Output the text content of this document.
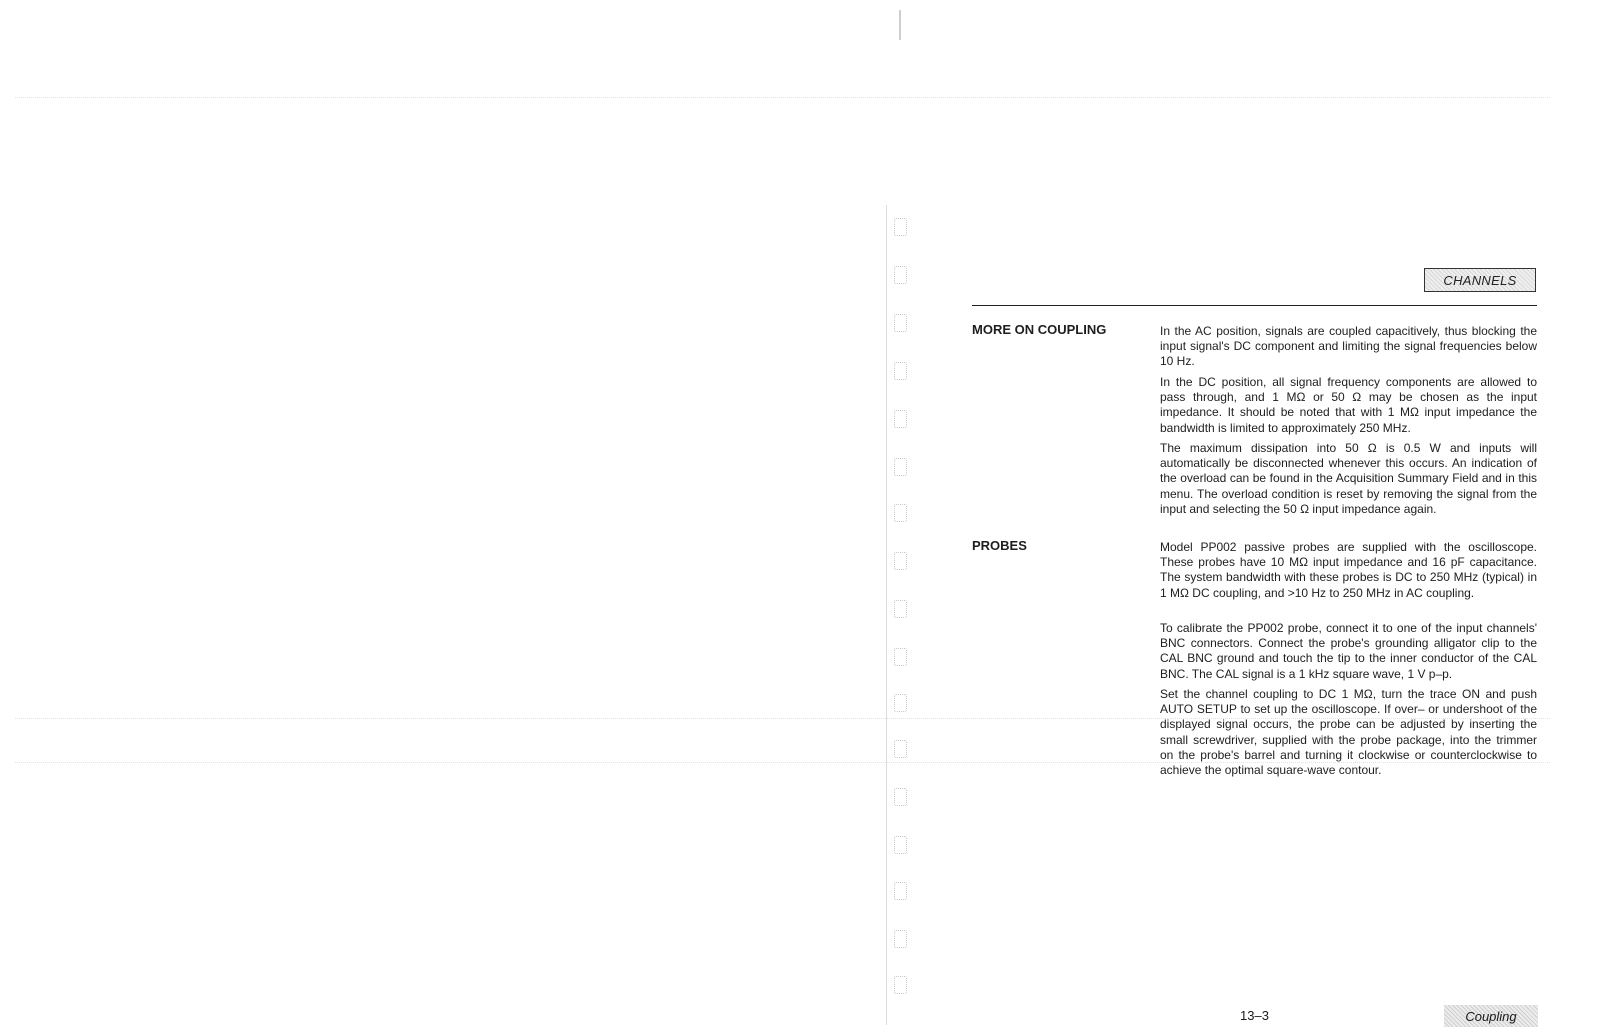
CHANNELS
MORE ON COUPLING	In the AC position, signals are coupled capacitively, thus blocking the input signal's DC component and limiting the signal frequencies below 10 Hz.

In the DC position, all signal frequency components are allowed to pass through, and 1 MΩ or 50 Ω may be chosen as the input impedance. It should be noted that with 1 MΩ input impedance the bandwidth is limited to approximately 250 MHz.

The maximum dissipation into 50 Ω is 0.5 W and inputs will automatically be disconnected whenever this occurs. An indication of the overload can be found in the Acquisition Summary Field and in this menu. The overload condition is reset by removing the signal from the input and selecting the 50 Ω input impedance again.

PROBES	Model PP002 passive probes are supplied with the oscilloscope. These probes have 10 MΩ input impedance and 16 pF capacitance. The system bandwidth with these probes is DC to 250 MHz (typical) in 1 MΩ DC coupling, and >10 Hz to 250 MHz in AC coupling.

To calibrate the PP002 probe, connect it to one of the input channels' BNC connectors. Connect the probe's grounding alligator clip to the CAL BNC ground and touch the tip to the inner conductor of the CAL BNC. The CAL signal is a 1 kHz square wave, 1 V p–p.

Set the channel coupling to DC 1 MΩ, turn the trace ON and push AUTO SETUP to set up the oscilloscope. If over– or undershoot of the displayed signal occurs, the probe can be adjusted by inserting the small screwdriver, supplied with the probe package, into the trimmer on the probe's barrel and turning it clockwise or counterclockwise to achieve the optimal square-wave contour.

13–3	Coupling
